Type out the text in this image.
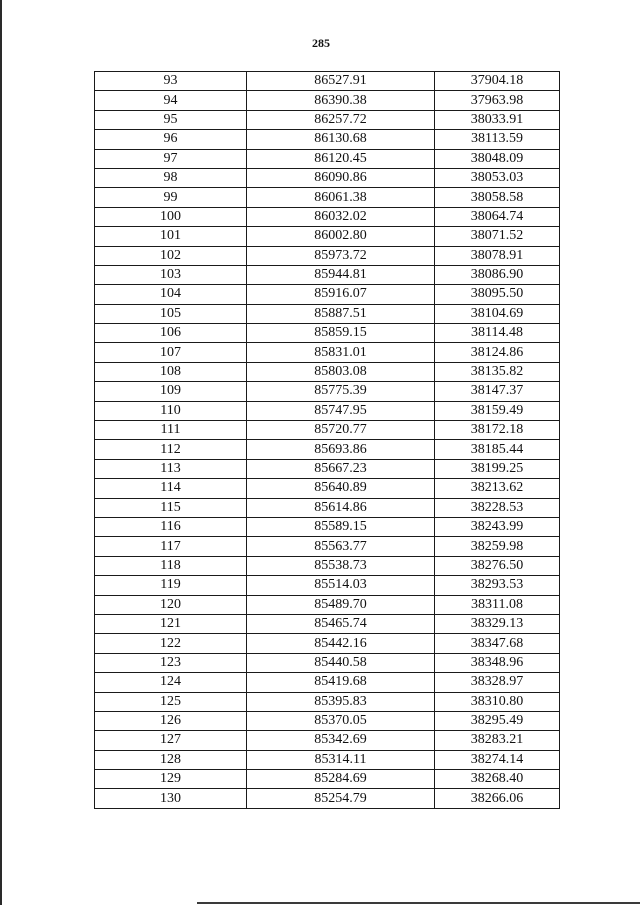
285
93	86527.91	37904.18
94	86390.38	37963.98
95	86257.72	38033.91
96	86130.68	38113.59
97	86120.45	38048.09
98	86090.86	38053.03
99	86061.38	38058.58
100	86032.02	38064.74
101	86002.80	38071.52
102	85973.72	38078.91
103	85944.81	38086.90
104	85916.07	38095.50
105	85887.51	38104.69
106	85859.15	38114.48
107	85831.01	38124.86
108	85803.08	38135.82
109	85775.39	38147.37
110	85747.95	38159.49
111	85720.77	38172.18
112	85693.86	38185.44
113	85667.23	38199.25
114	85640.89	38213.62
115	85614.86	38228.53
116	85589.15	38243.99
117	85563.77	38259.98
118	85538.73	38276.50
119	85514.03	38293.53
120	85489.70	38311.08
121	85465.74	38329.13
122	85442.16	38347.68
123	85440.58	38348.96
124	85419.68	38328.97
125	85395.83	38310.80
126	85370.05	38295.49
127	85342.69	38283.21
128	85314.11	38274.14
129	85284.69	38268.40
130	85254.79	38266.06
